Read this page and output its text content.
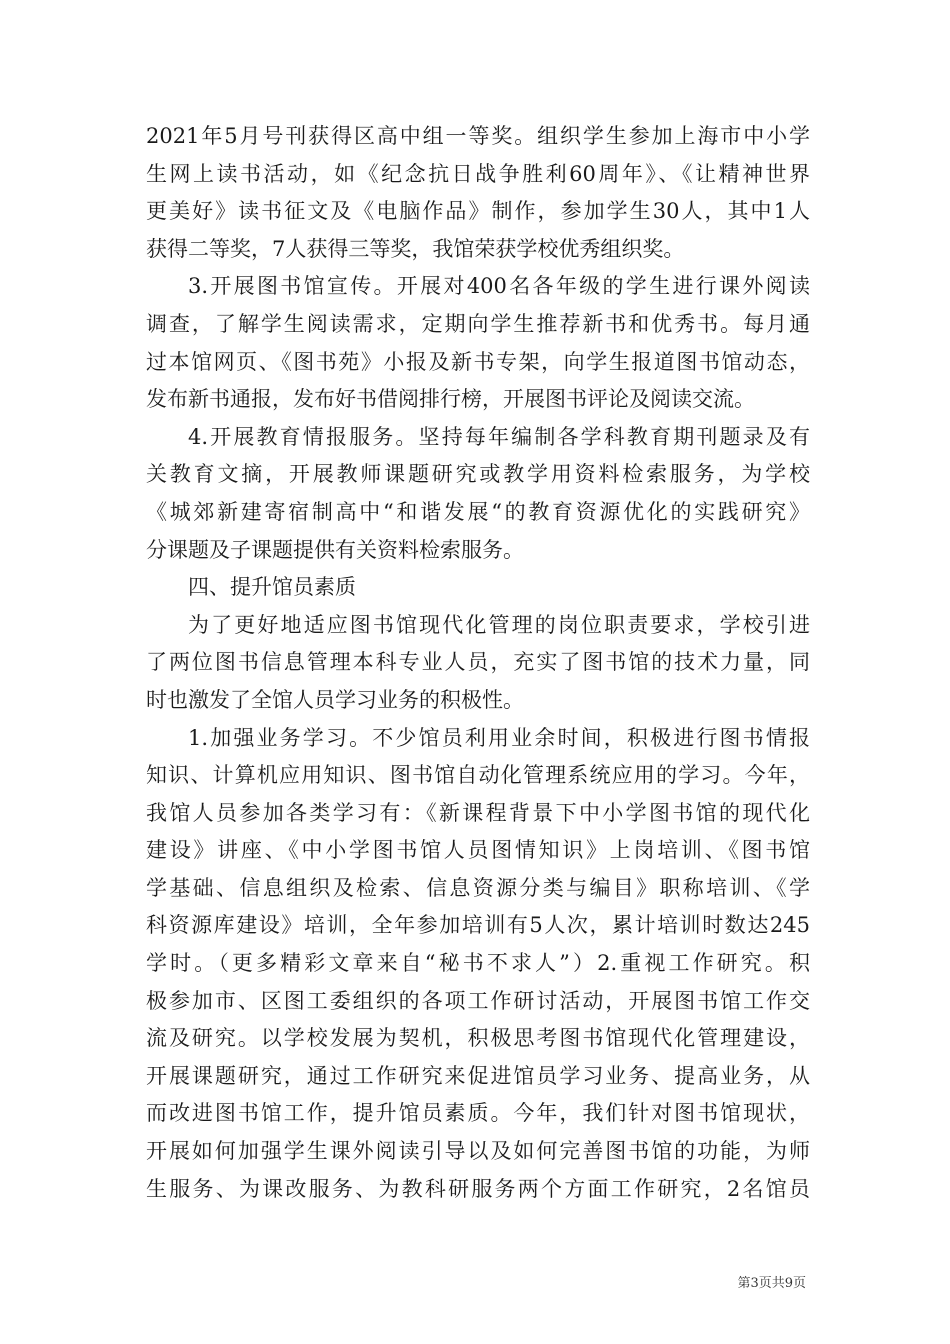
2021年5月号刊获得区高中组一等奖。组织学生参加上海市中小学
生网上读书活动，如《纪念抗日战争胜利60周年》、《让精神世界
更美好》读书征文及《电脑作品》制作，参加学生30人，其中1人
获得二等奖，7人获得三等奖，我馆荣获学校优秀组织奖。
3.开展图书馆宣传。开展对400名各年级的学生进行课外阅读
调查，了解学生阅读需求，定期向学生推荐新书和优秀书。每月通
过本馆网页、《图书苑》小报及新书专架，向学生报道图书馆动态，
发布新书通报，发布好书借阅排行榜，开展图书评论及阅读交流。
4.开展教育情报服务。坚持每年编制各学科教育期刊题录及有
关教育文摘，开展教师课题研究或教学用资料检索服务，为学校
《城郊新建寄宿制高中“和谐发展“的教育资源优化的实践研究》
分课题及子课题提供有关资料检索服务。
四、提升馆员素质
为了更好地适应图书馆现代化管理的岗位职责要求，学校引进
了两位图书信息管理本科专业人员，充实了图书馆的技术力量，同
时也激发了全馆人员学习业务的积极性。
1.加强业务学习。不少馆员利用业余时间，积极进行图书情报
知识、计算机应用知识、图书馆自动化管理系统应用的学习。今年，
我馆人员参加各类学习有：《新课程背景下中小学图书馆的现代化
建设》讲座、《中小学图书馆人员图情知识》上岗培训、《图书馆
学基础、信息组织及检索、信息资源分类与编目》职称培训、《学
科资源库建设》培训，全年参加培训有5人次，累计培训时数达245
学时。（更多精彩文章来自“秘书不求人”）2.重视工作研究。积
极参加市、区图工委组织的各项工作研讨活动，开展图书馆工作交
流及研究。以学校发展为契机，积极思考图书馆现代化管理建设，
开展课题研究，通过工作研究来促进馆员学习业务、提高业务，从
而改进图书馆工作，提升馆员素质。今年，我们针对图书馆现状，
开展如何加强学生课外阅读引导以及如何完善图书馆的功能，为师
生服务、为课改服务、为教科研服务两个方面工作研究，2名馆员
第3页共9页
